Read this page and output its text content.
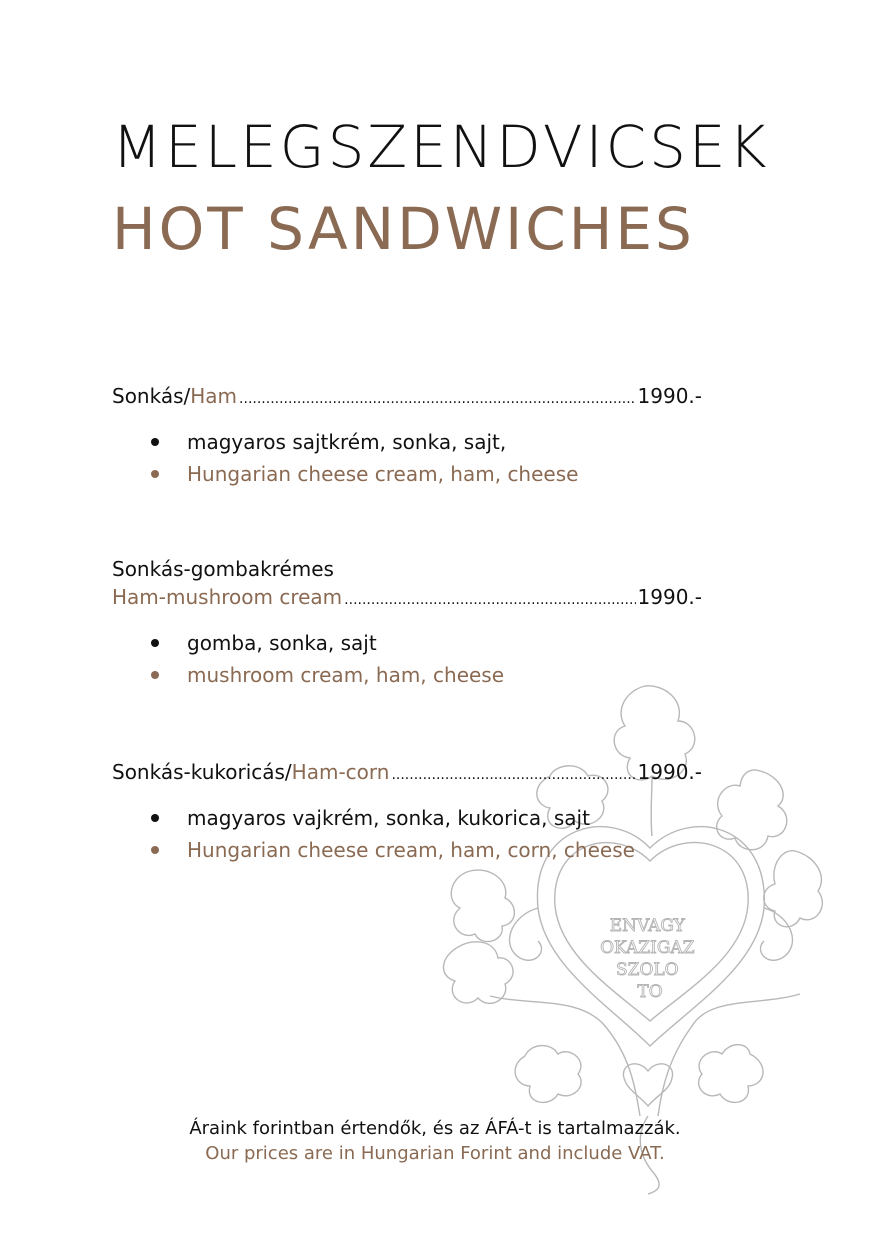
ENVAGY OKAZIGAZ SZOLO TO
MELEGSZENDVICSEK
HOT SANDWICHES
Sonkás/ Ham .....	1990.-
magyaros sajtkrém, sonka, sajt,
Hungarian cheese cream, ham, cheese
Sonkás-gombakrémes
Ham-mushroom cream .....	1990.-
gomba, sonka, sajt
mushroom cream, ham, cheese
Sonkás-kukoricás/ Ham-corn .....	1990.-
magyaros vajkrém, sonka, kukorica, sajt
Hungarian cheese cream, ham, corn, cheese
Áraink forintban értendők, és az ÁFÁ-t is tartalmazzák.
Our prices are in Hungarian Forint and include VAT.
